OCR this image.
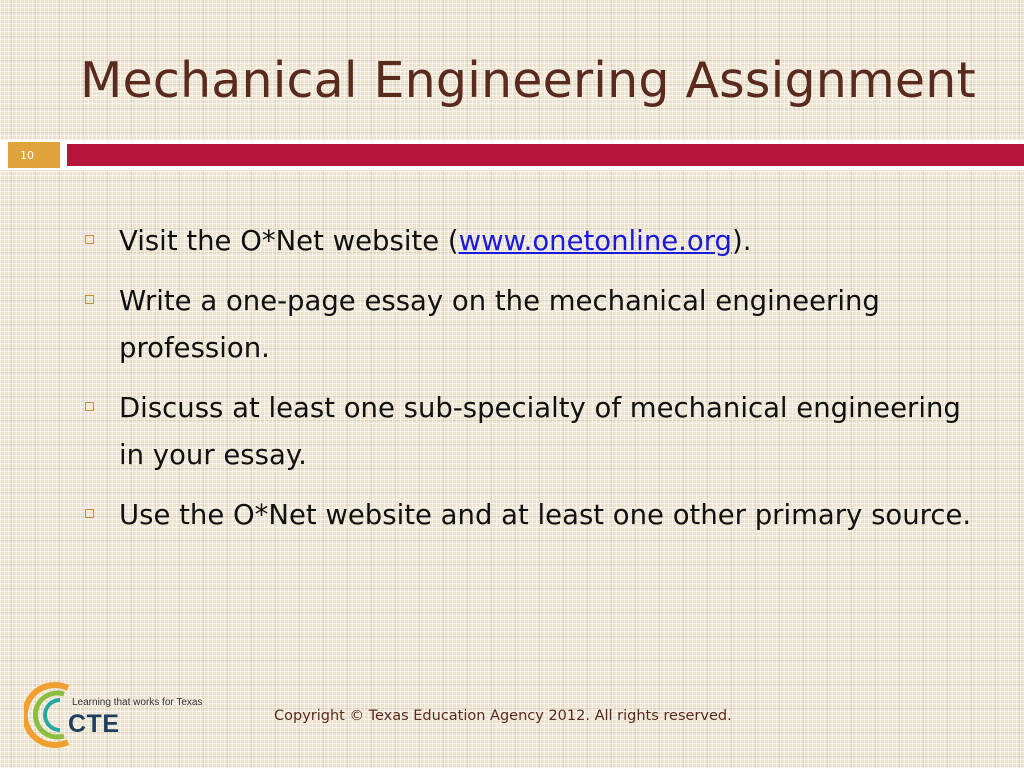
Mechanical Engineering Assignment
10
Visit the O*Net website (www.onetonline.org).
Write a one-page essay on the mechanical engineering profession.
Discuss at least one sub-specialty of mechanical engineering in your essay.
Use the O*Net website and at least one other primary source.
Learning that works for Texas
CTE	Copyright © Texas Education Agency 2012. All rights reserved.
